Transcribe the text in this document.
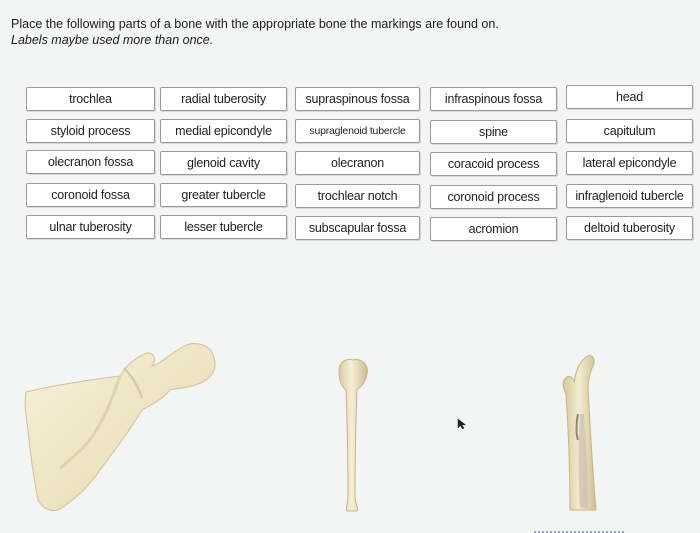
Place the following parts of a bone with the appropriate bone the markings are found on.

Labels maybe used more than once.
trochlea	radial tuberosity	supraspinous fossa	infraspinous fossa	head
styloid process	medial epicondyle	supraglenoid tubercle	spine	capitulum
olecranon fossa	glenoid cavity	olecranon	coracoid process	lateral epicondyle
coronoid fossa	greater tubercle	trochlear notch	coronoid process	infraglenoid tubercle
ulnar tuberosity	lesser tubercle	subscapular fossa	acromion	deltoid tuberosity
